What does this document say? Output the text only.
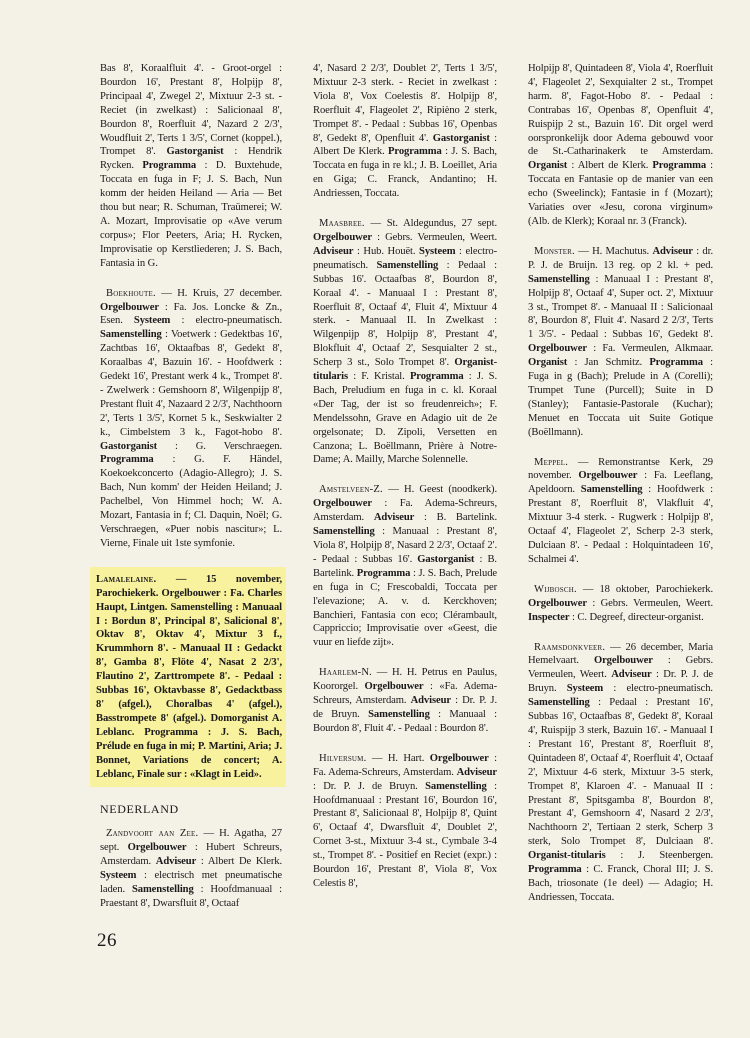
Bas 8', Koraalfluit 4'. - Groot-orgel : Bourdon 16', Prestant 8', Holpijp 8', Principaal 4', Zwegel 2', Mixtuur 2-3 st. - Reciet (in zwelkast) : Salicionaal 8', Bourdon 8', Roerfluit 4', Nazard 2 2/3', Woudfluit 2', Terts 1 3/5', Cornet (koppel.), Trompet 8'. Gastorganist : Hendrik Rycken. Programma : D. Buxtehude, Toccata en fuga in F; J. S. Bach, Nun komm der heiden Heiland — Aria — Bet thou but near; R. Schuman, Traümerei; W. A. Mozart, Improvisatie op «Ave verum corpus»; Flor Peeters, Aria; H. Rycken, Improvisatie op Kerstliederen; J. S. Bach, Fantasia in G.

Boekhoute. — H. Kruis, 27 december. Orgelbouwer : Fa. Jos. Loncke & Zn., Esen. Systeem : electro-pneumatisch. Samenstelling : Voetwerk : Gedektbas 16', Zachtbas 16', Oktaafbas 8', Gedekt 8', Koraalbas 4', Bazuin 16'. - Hoofdwerk : Gedekt 16', Prestant werk 4 k., Trompet 8'. - Zwelwerk : Gemshoorn 8', Wilgenpijp 8', Prestant fluit 4', Nazaard 2 2/3', Nachthoorn 2', Terts 1 3/5', Kornet 5 k., Seskwialter 2 k., Cimbelstem 3 k., Fagot-hobo 8'. Gastorganist : G. Verschraegen. Programma : G. F. Händel, Koekoekconcerto (Adagio-Allegro); J. S. Bach, Nun komm' der Heiden Heiland; J. Pachelbel, Von Himmel hoch; W. A. Mozart, Fantasia in f; Cl. Daquin, Noël; G. Verschraegen, «Puer nobis nascitur»; L. Vierne, Finale uit 1ste symfonie.

Lamalelaine. — 15 november, Parochiekerk. Orgelbouwer : Fa. Charles Haupt, Lintgen. Samenstelling : Manuaal I : Bordun 8', Principal 8', Salicional 8', Oktav 8', Oktav 4', Mixtur 3 f., Krummhorn 8'. - Manuaal II : Gedackt 8', Gamba 8', Flöte 4', Nasat 2 2/3', Flautino 2', Zarttrompete 8'. - Pedaal : Subbas 16', Oktavbasse 8', Gedacktbass 8' (afgel.), Choralbas 4' (afgel.), Basstrompete 8' (afgel.). Domorganist A. Leblanc. Programma : J. S. Bach, Prélude en fuga in mi; P. Martini, Aria; J. Bonnet, Variations de concert; A. Leblanc, Finale sur : «Klagt in Leid».

NEDERLAND

Zandvoort aan Zee. — H. Agatha, 27 sept. Orgelbouwer : Hubert Schreurs, Amsterdam. Adviseur : Albert De Klerk. Systeem : electrisch met pneumatische laden. Samenstelling : Hoofdmanuaal : Praestant 8', Dwarsfluit 8', Octaaf

4', Nasard 2 2/3', Doublet 2', Terts 1 3/5', Mixtuur 2-3 sterk. - Reciet in zwelkast : Viola 8', Vox Coelestis 8'. Holpijp 8', Roerfluit 4', Flageolet 2', Ripièno 2 sterk, Trompet 8'. - Pedaal : Subbas 16', Openbas 8', Gedekt 8', Openfluit 4'. Gastorganist : Albert De Klerk. Programma : J. S. Bach, Toccata en fuga in re kl.; J. B. Loeillet, Aria en Giga; C. Franck, Andantino; H. Andriessen, Toccata.

Maasbree. — St. Aldegundus, 27 sept. Orgelbouwer : Gebrs. Vermeulen, Weert. Adviseur : Hub. Houët. Systeem : electro-pneumatisch. Samenstelling : Pedaal : Subbas 16'. Octaafbas 8', Bourdon 8', Koraal 4'. - Manuaal I : Prestant 8', Roerfluit 8', Octaaf 4', Fluit 4', Mixtuur 4 sterk. - Manuaal II. In Zwelkast : Wilgenpijp 8', Holpijp 8', Prestant 4', Blokfluit 4', Octaaf 2', Sesquialter 2 st., Scherp 3 st., Solo Trompet 8'. Organist-titularis : F. Kristal. Programma : J. S. Bach, Preludium en fuga in c. kl. Koraal «Der Tag, der ist so freudenreich»; F. Mendelssohn, Grave en Adagio uit de 2e orgelsonate; D. Zipoli, Versetten en Canzona; L. Boëllmann, Prière à Notre-Dame; A. Mailly, Marche Solennelle.

Amstelveen-Z. — H. Geest (noodkerk). Orgelbouwer : Fa. Adema-Schreurs, Amsterdam. Adviseur : B. Bartelink. Samenstelling : Manuaal : Prestant 8', Viola 8', Holpijp 8', Nasard 2 2/3', Octaaf 2'. - Pedaal : Subbas 16'. Gastorganist : B. Bartelink. Programma : J. S. Bach, Prelude en fuga in C; Frescobaldi, Toccata per l'elevazione; A. v. d. Kerckhoven; Banchieri, Fantasia con eco; Clérambault, Cappriccio; Improvisatie over «Geest, die vuur en liefde zijt».

Haarlem-N. — H. H. Petrus en Paulus, Koororgel. Orgelbouwer : «Fa. Adema-Schreurs, Amsterdam. Adviseur : Dr. P. J. de Bruyn. Samenstelling : Manuaal : Bourdon 8', Fluit 4'. - Pedaal : Bourdon 8'.

Hilversum. — H. Hart. Orgelbouwer : Fa. Adema-Schreurs, Amsterdam. Adviseur : Dr. P. J. de Bruyn. Samenstelling : Hoofdmanuaal : Prestant 16', Bourdon 16', Prestant 8', Salicionaal 8', Holpijp 8', Quint 6', Octaaf 4', Dwarsfluit 4', Doublet 2', Cornet 3-st., Mixtuur 3-4 st., Cymbale 3-4 st., Trompet 8'. - Positief en Reciet (expr.) : Bourdon 16', Prestant 8', Viola 8', Vox Celestis 8',

Holpijp 8', Quintadeen 8', Viola 4', Roerfluit 4', Flageolet 2', Sexquialter 2 st., Trompet harm. 8', Fagot-Hobo 8'. - Pedaal : Contrabas 16', Openbas 8', Openfluit 4', Ruispijp 2 st., Bazuin 16'. Dit orgel werd oorspronkelijk door Adema gebouwd voor de St.-Catharinakerk te Amsterdam. Organist : Albert de Klerk. Programma : Toccata en Fantasie op de manier van een echo (Sweelinck); Fantasie in f (Mozart); Variaties over «Jesu, corona virginum» (Alb. de Klerk); Koraal nr. 3 (Franck).

Monster. — H. Machutus. Adviseur : dr. P. J. de Bruijn. 13 reg. op 2 kl. + ped. Samenstelling : Manuaal I : Prestant 8', Holpijp 8', Octaaf 4', Super oct. 2', Mixtuur 3 st., Trompet 8'. - Manuaal II : Salicionaal 8', Bourdon 8', Fluit 4'. Nasard 2 2/3', Terts 1 3/5'. - Pedaal : Subbas 16', Gedekt 8'. Orgelbouwer : Fa. Vermeulen, Alkmaar. Organist : Jan Schmitz. Programma : Fuga in g (Bach); Prelude in A (Corelli); Trumpet Tune (Purcell); Suite in D (Stanley); Fantasie-Pastorale (Kuchar); Menuet en Toccata uit Suite Gotique (Boëllmann).

Meppel. — Remonstrantse Kerk, 29 november. Orgelbouwer : Fa. Leeflang, Apeldoorn. Samenstelling : Hoofdwerk : Prestant 8', Roerfluit 8', Vlakfluit 4', Mixtuur 3-4 sterk. - Rugwerk : Holpijp 8', Octaaf 4', Flageolet 2', Scherp 2-3 sterk, Dulciaan 8'. - Pedaal : Holquintadeen 16', Schalmei 4'.

Wijbosch. — 18 oktober, Parochiekerk. Orgelbouwer : Gebrs. Vermeulen, Weert. Inspecter : C. Degreef, directeur-organist.

Raamsdonkveer. — 26 december, Maria Hemelvaart. Orgelbouwer : Gebrs. Vermeulen, Weert. Adviseur : Dr. P. J. de Bruyn. Systeem : electro-pneumatisch. Samenstelling : Pedaal : Prestant 16', Subbas 16', Octaafbas 8', Gedekt 8', Koraal 4', Ruispijp 3 sterk, Bazuin 16'. - Manuaal I : Prestant 16', Prestant 8', Roerfluit 8', Quintadeen 8', Octaaf 4', Roerfluit 4', Octaaf 2', Mixtuur 4-6 sterk, Mixtuur 3-5 sterk, Trompet 8', Klaroen 4'. - Manuaal II : Prestant 8', Spitsgamba 8', Bourdon 8', Prestant 4', Gemshoorn 4', Nasard 2 2/3', Nachthoorn 2', Tertiaan 2 sterk, Scherp 3 sterk, Solo Trompet 8', Dulciaan 8'. Organist-titularis : J. Steenbergen. Programma : C. Franck, Choral III; J. S. Bach, triosonate (1e deel) — Adagio; H. Andriessen, Toccata.

26
